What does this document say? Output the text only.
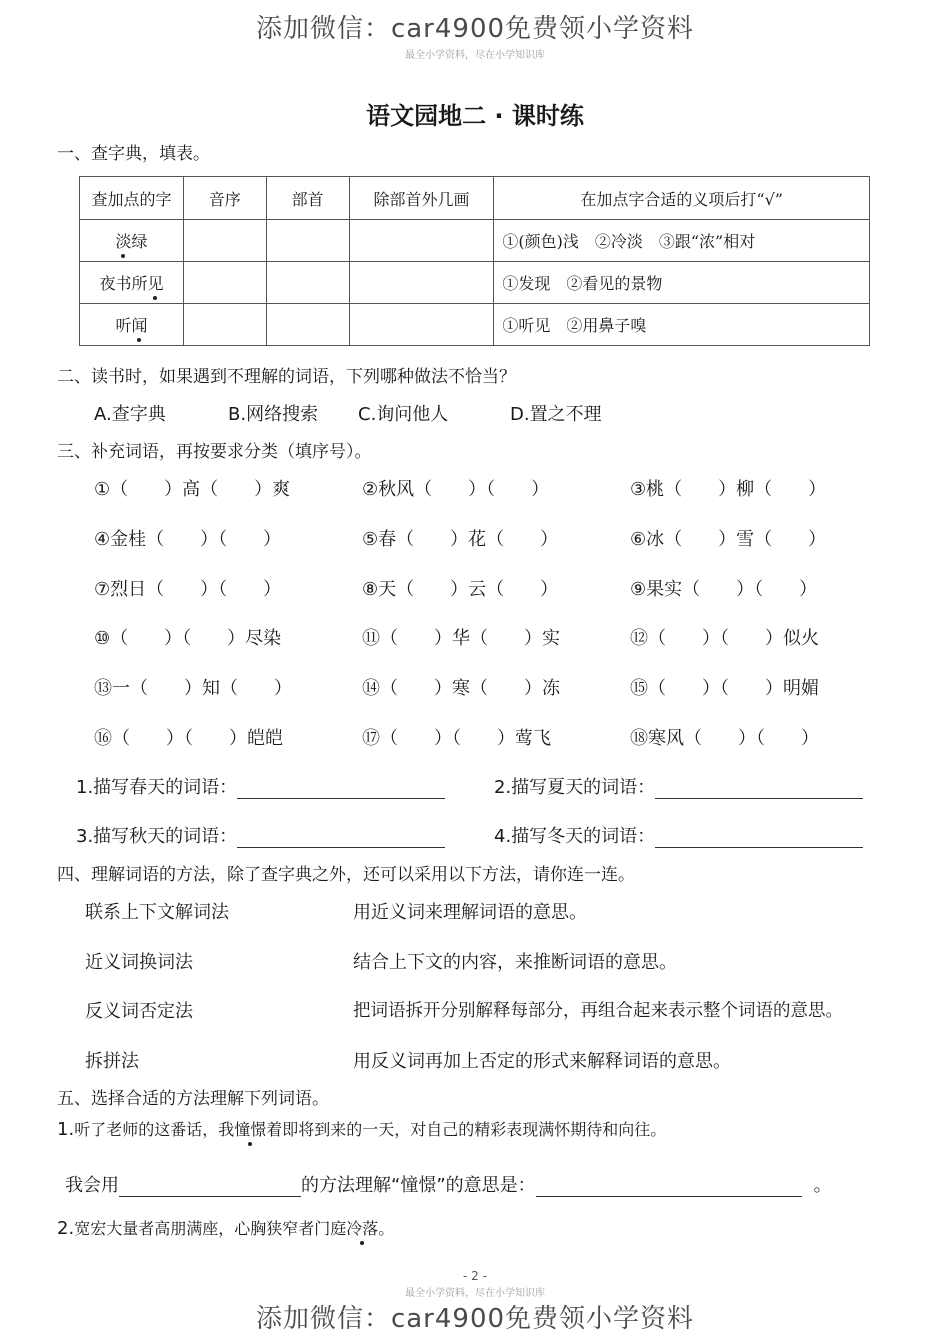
添加微信：car4900免费领小学资料
最全小学资料，尽在小学知识库
语文园地二 · 课时练
一、查字典，填表。
查加点的字	音序	部首	除部首外几画	在加点字合适的义项后打“√”
淡绿				①(颜色)浅　②冷淡　③跟“浓”相对
夜书所见				①发现　②看见的景物
听闻				①听见　②用鼻子嗅
二、读书时，如果遇到不理解的词语，下列哪种做法不恰当？
A.查字典	B.网络搜索 C.询问他人	D.置之不理
三、补充词语，再按要求分类（填序号）。
①（　　）高（　　）爽	②秋风（　　）（　　）	③桃（　　）柳（　　）
④金桂（　　）（　　）	⑤春（　　）花（　　）	⑥冰（　　）雪（　　）
⑦烈日（　　）（　　）	⑧天（　　）云（　　）	⑨果实（　　）（　　）
⑩（　　）（　　）尽染	⑪（　　）华（　　）实	⑫（　　）（　　）似火
⑬一（　　）知（　　）	⑭（　　）寒（　　）冻	⑮（　　）（　　）明媚
⑯（　　）（　　）皑皑	⑰（　　）（　　）莺飞	⑱寒风（　　）（　　）
1.描写春天的词语：	2.描写夏天的词语：
3.描写秋天的词语：	4.描写冬天的词语：
四、理解词语的方法，除了查字典之外，还可以采用以下方法，请你连一连。
联系上下文解词法
近义词换词法
反义词否定法
拆拼法
用近义词来理解词语的意思。
结合上下文的内容，来推断词语的意思。
把词语拆开分别解释每部分，再组合起来表示整个词语的意思。
用反义词再加上否定的形式来解释词语的意思。
五、选择合适的方法理解下列词语。
1.听了老师的这番话，我憧憬着即将到来的一天，对自己的精彩表现满怀期待和向往。
我会用	的方法理解“憧憬”的意思是：	。
2.宽宏大量者高朋满座，心胸狭窄者门庭冷落。
- 2 -
最全小学资料，尽在小学知识库
添加微信：car4900免费领小学资料
